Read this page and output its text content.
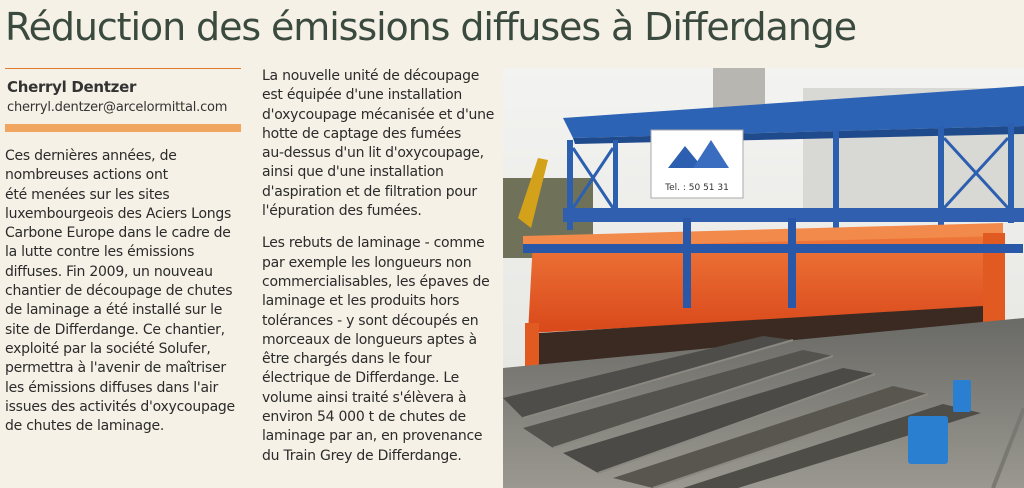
Réduction des émissions diffuses à Differdange
Cherryl Dentzer
cherryl.dentzer@arcelormittal.com

Ces dernières années, de
nombreuses actions ont
été menées sur les sites
luxembourgeois des Aciers Longs
Carbone Europe dans le cadre de
la lutte contre les émissions
diffuses. Fin 2009, un nouveau
chantier de découpage de chutes
de laminage a été installé sur le
site de Differdange. Ce chantier,
exploité par la société Solufer,
permettra à l'avenir de maîtriser
les émissions diffuses dans l'air
issues des activités d'oxycoupage
de chutes de laminage.

La nouvelle unité de découpage
est équipée d'une installation
d'oxycoupage mécanisée et d'une
hotte de captage des fumées
au-dessus d'un lit d'oxycoupage,
ainsi que d'une installation
d'aspiration et de filtration pour
l'épuration des fumées.

Les rebuts de laminage - comme
par exemple les longueurs non
commercialisables, les épaves de
laminage et les produits hors
tolérances - y sont découpés en
morceaux de longueurs aptes à
être chargés dans le four
électrique de Differdange. Le
volume ainsi traité s'élèvera à
environ 54 000 t de chutes de
laminage par an, en provenance
du Train Grey de Differdange.

Tel. : 50 51 31
